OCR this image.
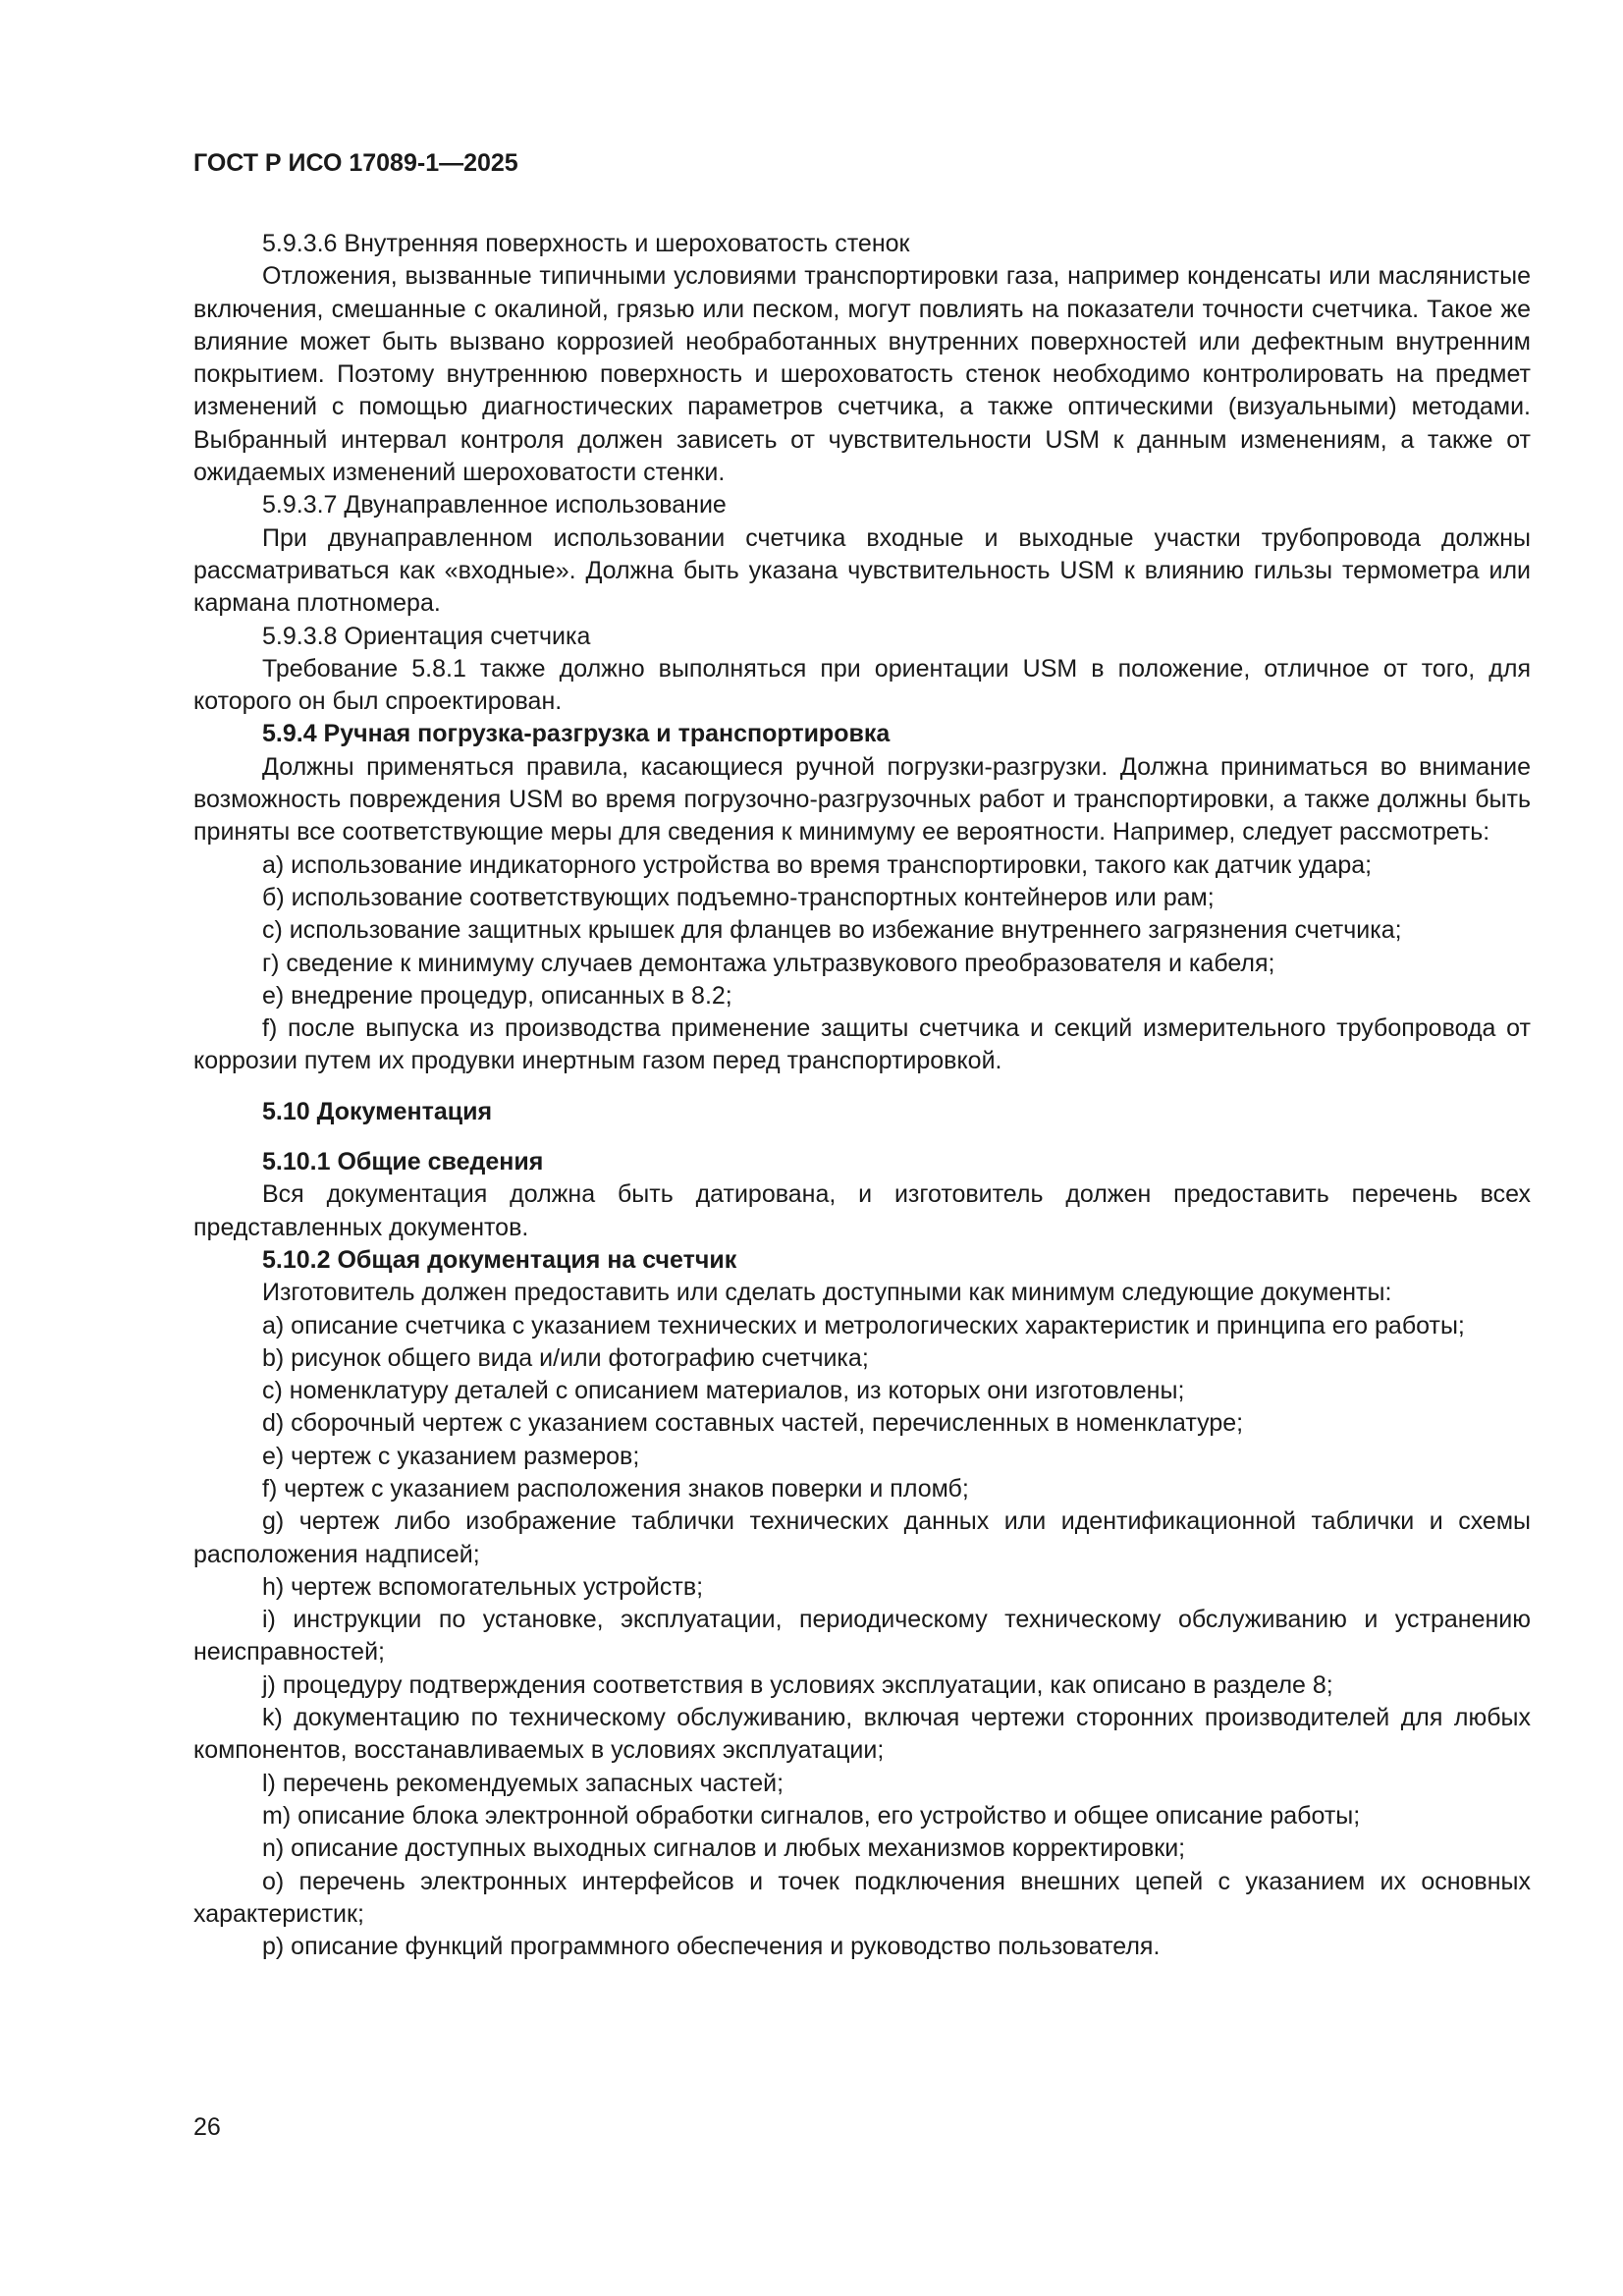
ГОСТ Р ИСО 17089-1—2025

5.9.3.6 Внутренняя поверхность и шероховатость стенок

Отложения, вызванные типичными условиями транспортировки газа, например конденсаты или маслянистые включения, смешанные с окалиной, грязью или песком, могут повлиять на показатели точности счетчика. Такое же влияние может быть вызвано коррозией необработанных внутренних поверхностей или дефектным внутренним покрытием. Поэтому внутреннюю поверхность и шероховатость стенок необходимо контролировать на предмет изменений с помощью диагностических параметров счетчика, а также оптическими (визуальными) методами. Выбранный интервал контроля должен зависеть от чувствительности USM к данным изменениям, а также от ожидаемых изменений шероховатости стенки.

5.9.3.7 Двунаправленное использование

При двунаправленном использовании счетчика входные и выходные участки трубопровода должны рассматриваться как «входные». Должна быть указана чувствительность USM к влиянию гильзы термометра или кармана плотномера.

5.9.3.8 Ориентация счетчика

Требование 5.8.1 также должно выполняться при ориентации USM в положение, отличное от того, для которого он был спроектирован.

5.9.4 Ручная погрузка-разгрузка и транспортировка

Должны применяться правила, касающиеся ручной погрузки-разгрузки. Должна приниматься во внимание возможность повреждения USM во время погрузочно-разгрузочных работ и транспортировки, а также должны быть приняты все соответствующие меры для сведения к минимуму ее вероятности. Например, следует рассмотреть:

а) использование индикаторного устройства во время транспортировки, такого как датчик удара;

б) использование соответствующих подъемно-транспортных контейнеров или рам;

с) использование защитных крышек для фланцев во избежание внутреннего загрязнения счетчика;

г) сведение к минимуму случаев демонтажа ультразвукового преобразователя и кабеля;

е) внедрение процедур, описанных в 8.2;

f) после выпуска из производства применение защиты счетчика и секций измерительного трубопровода от коррозии путем их продувки инертным газом перед транспортировкой.

5.10 Документация

5.10.1 Общие сведения

Вся документация должна быть датирована, и изготовитель должен предоставить перечень всех представленных документов.

5.10.2 Общая документация на счетчик

Изготовитель должен предоставить или сделать доступными как минимум следующие документы:

а) описание счетчика с указанием технических и метрологических характеристик и принципа его работы;

b) рисунок общего вида и/или фотографию счетчика;

с) номенклатуру деталей с описанием материалов, из которых они изготовлены;

d) сборочный чертеж с указанием составных частей, перечисленных в номенклатуре;

е) чертеж с указанием размеров;

f) чертеж с указанием расположения знаков поверки и пломб;

g) чертеж либо изображение таблички технических данных или идентификационной таблички и схемы расположения надписей;

h) чертеж вспомогательных устройств;

i) инструкции по установке, эксплуатации, периодическому техническому обслуживанию и устранению неисправностей;

j) процедуру подтверждения соответствия в условиях эксплуатации, как описано в разделе 8;

k) документацию по техническому обслуживанию, включая чертежи сторонних производителей для любых компонентов, восстанавливаемых в условиях эксплуатации;

l) перечень рекомендуемых запасных частей;

m) описание блока электронной обработки сигналов, его устройство и общее описание работы;

n) описание доступных выходных сигналов и любых механизмов корректировки;

о) перечень электронных интерфейсов и точек подключения внешних цепей с указанием их основных характеристик;

р) описание функций программного обеспечения и руководство пользователя.

26
